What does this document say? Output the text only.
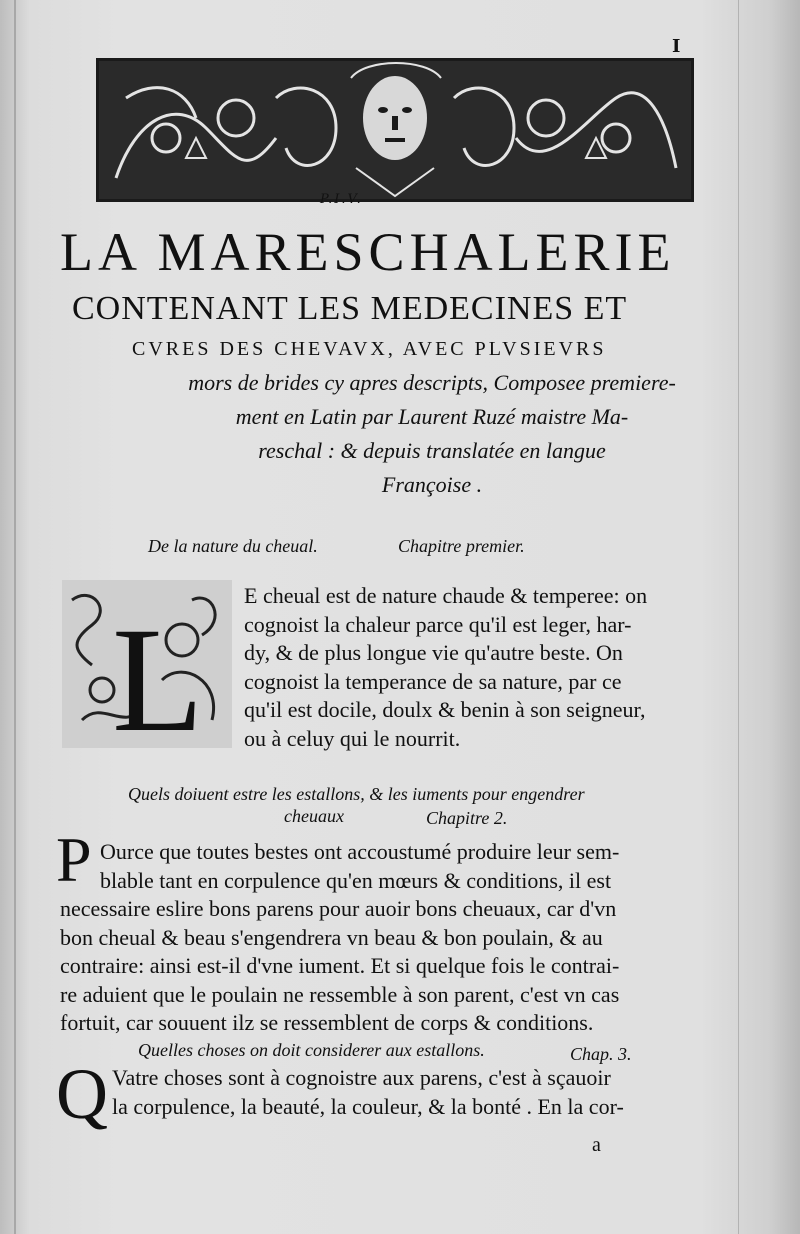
I
P.I.V.
LA MARESCHALERIE
CONTENANT LES MEDECINES ET
CVRES DES CHEVAVX, AVEC PLVSIEVRS
mors de brides cy apres descripts, Composee premiere-
ment en Latin par Laurent Ruzé maistre Ma-
reschal : & depuis translatée en langue
Françoise .
De la nature du cheual.	Chapitre premier.
L
E cheual est de nature chaude & temperee: on
cognoist la chaleur parce qu'il est leger, har-
dy, & de plus longue vie qu'autre beste. On
cognoist la temperance de sa nature, par ce
qu'il est docile, doulx & benin à son seigneur,
ou à celuy qui le nourrit.
Quels doiuent estre les estallons, & les iuments pour engendrer
cheuaux	Chapitre 2.
P Ource que toutes bestes ont accoustumé produire leur sem-
blable tant en corpulence qu'en mœurs & conditions, il est
necessaire eslire bons parens pour auoir bons cheuaux, car d'vn
bon cheual & beau s'engendrera vn beau & bon poulain, & au
contraire: ainsi est-il d'vne iument. Et si quelque fois le contrai-
re aduient que le poulain ne ressemble à son parent, c'est vn cas
fortuit, car souuent ilz se ressemblent de corps & conditions.
Quelles choses on doit considerer aux estallons.	Chap. 3.
Q Vatre choses sont à cognoistre aux parens, c'est à sçauoir
la corpulence, la beauté, la couleur, & la bonté . En la cor-
a
